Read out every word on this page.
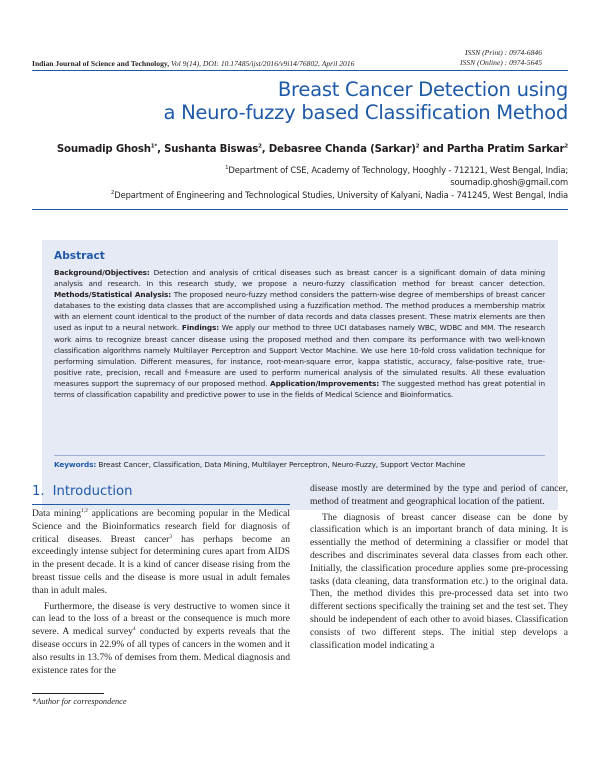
ISSN (Print) : 0974-6846
ISSN (Online) : 0974-5645
Indian Journal of Science and Technology, Vol 9(14), DOI: 10.17485/ijst/2016/v9i14/76802, April 2016
Breast Cancer Detection using
a Neuro-fuzzy based Classification Method
Soumadip Ghosh$^{1*}$, Sushanta Biswas$^2$, Debasree Chanda (Sarkar)$^2$ and Partha Pratim Sarkar$^2$
$^1$Department of CSE, Academy of Technology, Hooghly - 712121, West Bengal, India;
soumadip.ghosh@gmail.com
$^2$Department of Engineering and Technological Studies, University of Kalyani, Nadia - 741245, West Bengal, India
Abstract
Background/Objectives: Detection and analysis of critical diseases such as breast cancer is a significant domain of data mining analysis and research. In this research study, we propose a neuro-fuzzy classification method for breast cancer detection. Methods/Statistical Analysis: The proposed neuro-fuzzy method considers the pattern-wise degree of memberships of breast cancer databases to the existing data classes that are accomplished using a fuzzification method. The method produces a membership matrix with an element count identical to the product of the number of data records and data classes present. These matrix elements are then used as input to a neural network. Findings: We apply our method to three UCI databases namely WBC, WDBC and MM. The research work aims to recognize breast cancer disease using the proposed method and then compare its performance with two well-known classification algorithms namely Multilayer Perceptron and Support Vector Machine. We use here 10-fold cross validation technique for performing simulation. Different measures, for instance, root-mean-square error, kappa statistic, accuracy, false-positive rate, true-positive rate, precision, recall and f-measure are used to perform numerical analysis of the simulated results. All these evaluation measures support the supremacy of our proposed method. Application/Improvements: The suggested method has great potential in terms of classification capability and predictive power to use in the fields of Medical Science and Bioinformatics.
Keywords: Breast Cancer, Classification, Data Mining, Multilayer Perceptron, Neuro-Fuzzy, Support Vector Machine
1. Introduction

Data mining$^{1,2}$ applications are becoming popular in the Medical Science and the Bioinformatics research field for diagnosis of critical diseases. Breast cancer$^3$ has perhaps become an exceedingly intense subject for determining cures apart from AIDS in the present decade. It is a kind of cancer disease rising from the breast tissue cells and the disease is more usual in adult females than in adult males.

Furthermore, the disease is very destructive to women since it can lead to the loss of a breast or the consequence is much more severe. A medical survey$^4$ conducted by experts reveals that the disease occurs in 22.9% of all types of cancers in the women and it also results in 13.7% of demises from them. Medical diagnosis and existence rates for the

disease mostly are determined by the type and period of cancer, method of treatment and geographical location of the patient.

The diagnosis of breast cancer disease can be done by classification which is an important branch of data mining. It is essentially the method of determining a classifier or model that describes and discriminates several data classes from each other. Initially, the classification procedure applies some pre-processing tasks (data cleaning, data transformation etc.) to the original data. Then, the method divides this pre-processed data set into two different sections specifically the training set and the test set. They should be independent of each other to avoid biases. Classification consists of two different steps. The initial step develops a classification model indicating a

*Author for correspondence
